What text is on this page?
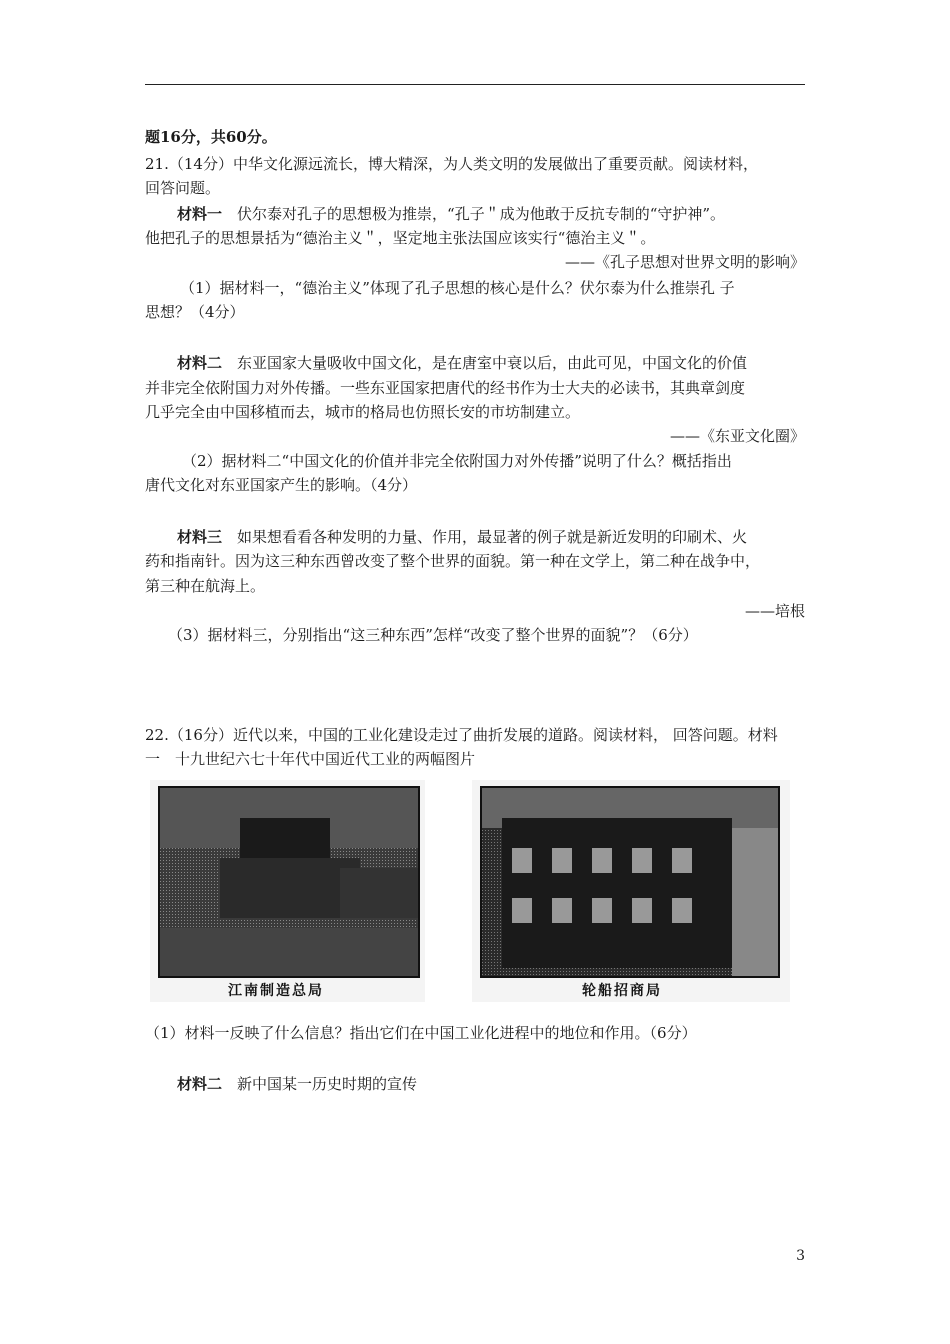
题16分，共60分。
21.（14分）中华文化源远流长，博大精深，为人类文明的发展做出了重要贡献。阅读材料，
回答问题。
材料一　 伏尔泰对孔子的思想极为推崇，“孔子＂成为他敢于反抗专制的“守护神”。
他把孔子的思想景括为“德治主义＂，坚定地主张法国应该实行“德治主义＂。
——《孔子思想对世界文明的影响》
（1）据材料一，“德治主义”体现了孔子思想的核心是什么？伏尔泰为什么推崇孔 子
思想？（4分）
材料二　 东亚国家大量吸收中国文化，是在唐室中衰以后，由此可见，中国文化的价值
并非完全依附国力对外传播。一些东亚国家把唐代的经书作为士大夫的必读书，其典章剑度
几乎完全由中国移植而去，城市的格局也仿照长安的市坊制建立。
——《东亚文化圈》
（2）据材料二“中国文化的价值并非完全依附国力对外传播”说明了什么？概括指出
唐代文化对东亚国家产生的影响。（4分）
材料三　 如果想看看各种发明的力量、作用，最显著的例子就是新近发明的印刷术、火
药和指南针。因为这三种东西曾改变了整个世界的面貌。第一种在文学上，第二种在战争中，
第三种在航海上。
——培根
（3）据材料三，分别指出“这三种东西”怎样“改变了整个世界的面貌”？（6分）
22.（16分）近代以来，中国的工业化建设走过了曲折发展的道路。阅读材料， 回答问题。材料
一　十九世纪六七十年代中国近代工业的两幅图片
江南制造总局	轮船招商局
（1）材料一反映了什么信息？指出它们在中国工业化进程中的地位和作用。（6分）
材料二　 新中国某一历史时期的宣传
3
